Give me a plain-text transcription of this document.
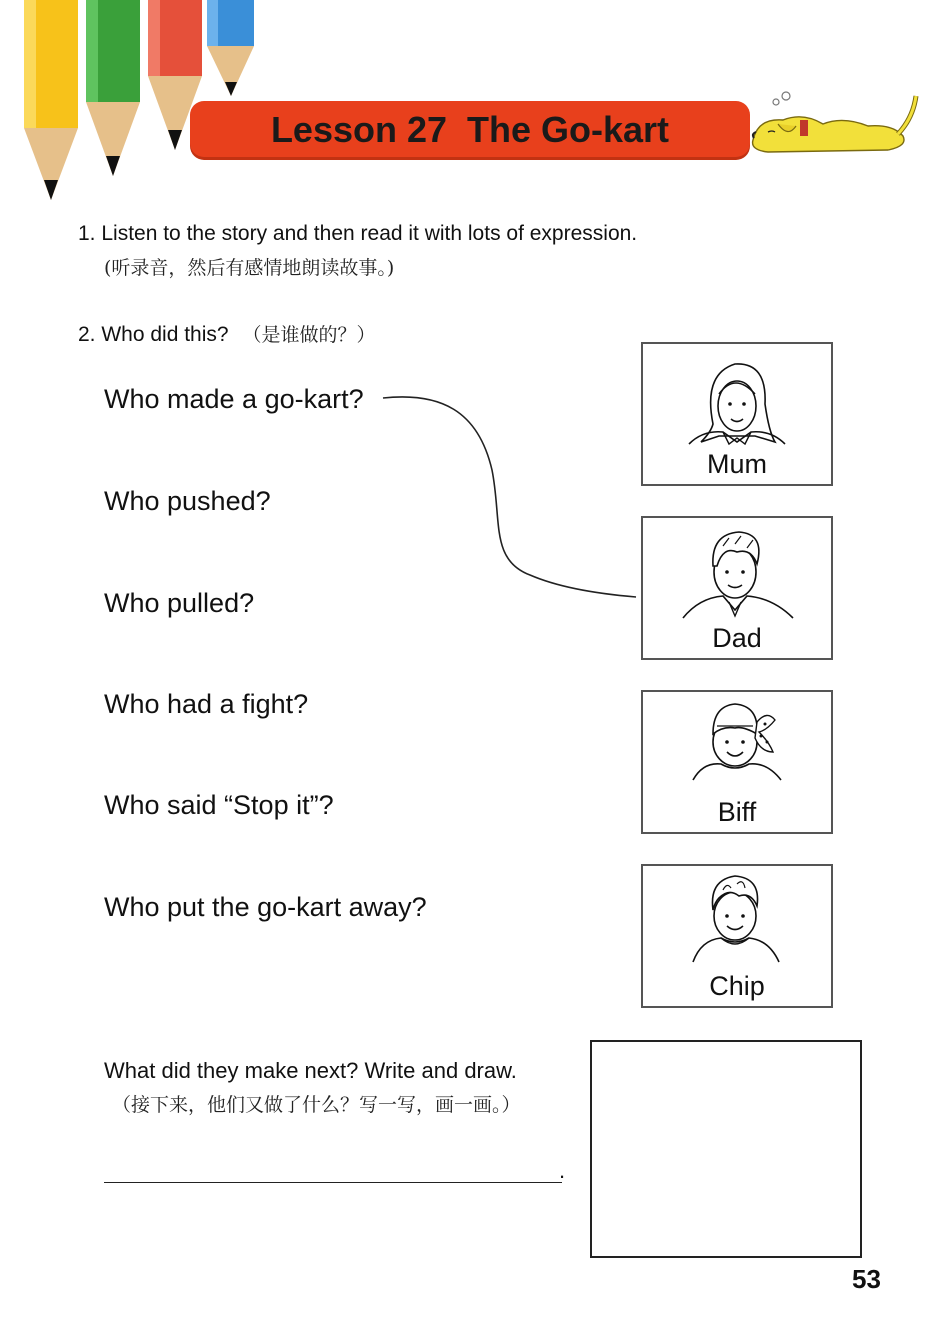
Lesson 27  The Go-kart
1. Listen to the story and then read it with lots of expression.
(听录音，然后有感情地朗读故事。)
2. Who did this? （是谁做的？）
Who made a go-kart?
Who pushed?
Who pulled?
Who had a fight?
Who said “Stop it”?
Who put the go-kart away?
Mum
Dad
Biff
Chip
What did they make next? Write and draw.
（接下来，他们又做了什么？写一写，画一画。）
.
53
